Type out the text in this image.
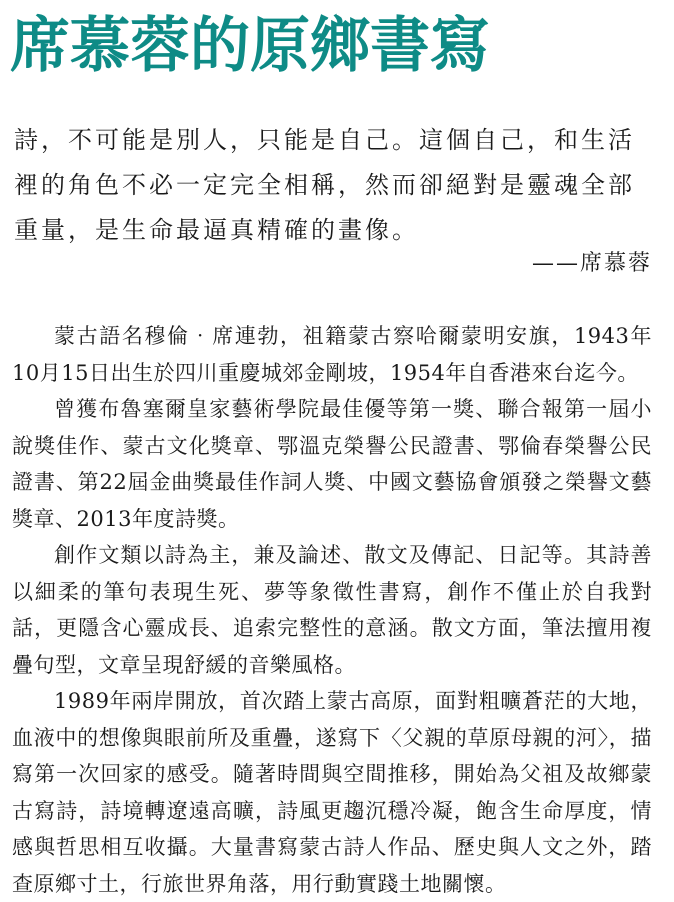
席慕蓉的原鄉書寫

詩，不可能是別人，只能是自己。這個自己，和生活裡的角色不必一定完全相稱，然而卻絕對是靈魂全部重量，是生命最逼真精確的畫像。

——席慕蓉

蒙古語名穆倫‧席連勃，祖籍蒙古察哈爾蒙明安旗，1943年10月15日出生於四川重慶城郊金剛坡，1954年自香港來台迄今。

曾獲布魯塞爾皇家藝術學院最佳優等第一獎、聯合報第一屆小說獎佳作、蒙古文化獎章、鄂溫克榮譽公民證書、鄂倫春榮譽公民證書、第22屆金曲獎最佳作詞人獎、中國文藝協會頒發之榮譽文藝獎章、2013年度詩獎。

創作文類以詩為主，兼及論述、散文及傳記、日記等。其詩善以細柔的筆句表現生死、夢等象徵性書寫，創作不僅止於自我對話，更隱含心靈成長、追索完整性的意涵。散文方面，筆法擅用複疊句型，文章呈現舒緩的音樂風格。

1989年兩岸開放，首次踏上蒙古高原，面對粗曠蒼茫的大地，血液中的想像與眼前所及重疊，遂寫下〈父親的草原母親的河〉，描寫第一次回家的感受。隨著時間與空間推移，開始為父祖及故鄉蒙古寫詩，詩境轉遼遠高曠，詩風更趨沉穩冷凝，飽含生命厚度，情感與哲思相互收攝。大量書寫蒙古詩人作品、歷史與人文之外，踏查原鄉寸土，行旅世界角落，用行動實踐土地關懷。
